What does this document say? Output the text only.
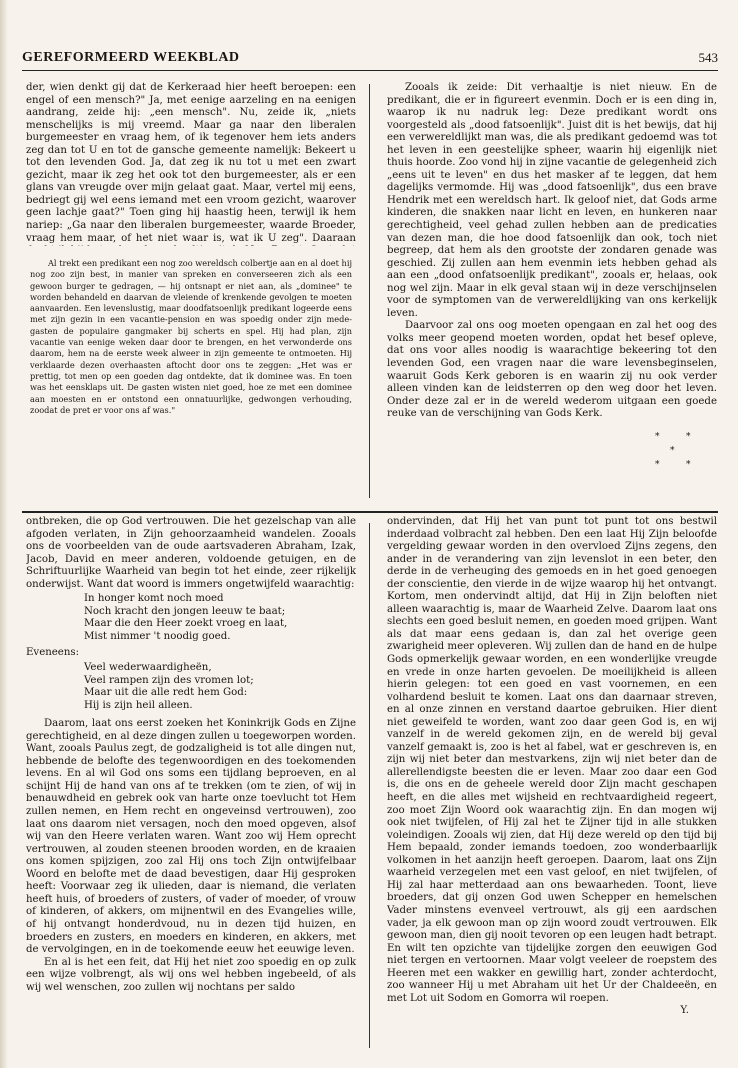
GEREFORMEERD WEEKBLAD	543

der, wien denkt gij dat de Kerkeraad hier heeft beroepen: een engel of een mensch?" Ja, met eenige aarzeling en na eenigen aandrang, zeide hij: „een mensch". Nu, zeide ik, „niets menschelijks is mij vreemd. Maar ga naar den liberalen burgemeester en vraag hem, of ik tegenover hem iets anders zeg dan tot U en tot de gansche gemeente namelijk: Bekeert u tot den levenden God. Ja, dat zeg ik nu tot u met een zwart gezicht, maar ik zeg het ook tot den burgemeester, als er een glans van vreugde over mijn gelaat gaat. Maar, vertel mij eens, bedriegt gij wel eens iemand met een vroom gezicht, waarover geen lachje gaat?" Toen ging hij haastig heen, terwijl ik hem nariep: „Ga naar den liberalen burgemeester, waarde Broeder, vraag hem maar, of het niet waar is, wat ik U zeg". Daaraan

Al trekt een predikant een nog zoo wereldsch colbertje aan en al doet hij nog zoo zijn best, in manier van spreken en converseeren zich als een gewoon burger te gedragen, — hij ontsnapt er niet aan, als „dominee" te worden behandeld en daarvan de vleiende of krenkende gevolgen te moeten aanvaarden. Een levenslustig, maar doodfatsoenlijk predikant logeerde eens met zijn gezin in een vacantie-pension en was spoedig onder zijn mede-gasten de populaire gangmaker bij scherts en spel. Hij had plan, zijn vacantie van eenige weken daar door te brengen, en het verwonderde ons daarom, hem na de eerste week alweer in zijn gemeente te ontmoeten. Hij verklaarde dezen overhaasten aftocht door ons te zeggen: „Het was er prettig, tot men op een goeden dag ontdekte, dat ik dominee was. En toen was het eensklaps uit. De gasten wisten niet goed, hoe ze met een dominee aan moesten en er ontstond een onnatuurlijke, gedwongen verhouding, zoodat de pret er voor ons af was."

Zooals ik zeide: Dit verhaaltje is niet nieuw. En de predikant, die er in figureert evenmin. Doch er is een ding in, waarop ik nu nadruk leg: Deze predikant wordt ons voorgesteld als „dood fatsoenlijk". Juist dit is het bewijs, dat hij een verwereldlijkt man was, die als predikant gedoemd was tot het leven in een geestelijke spheer, waarin hij eigenlijk niet thuis hoorde. Zoo vond hij in zijne vacantie de gelegenheid zich „eens uit te leven" en dus het masker af te leggen, dat hem dagelijks vermomde. Hij was „dood fatsoenlijk", dus een brave Hendrik met een wereldsch hart. Ik geloof niet, dat Gods arme kinderen, die snakken naar licht en leven, en hunkeren naar gerechtigheid, veel gehad zullen hebben aan de predicaties van dezen man, die hoe dood fatsoenlijk dan ook, toch niet begreep, dat hem als den grootste der zondaren genade was geschied. Zij zullen aan hem evenmin iets hebben gehad als aan een „dood onfatsoenlijk predikant", zooals er, helaas, ook nog wel zijn. Maar in elk geval staan wij in deze verschijnselen voor de symptomen van de verwereldlijking van ons kerkelijk leven.

Daarvoor zal ons oog moeten opengaan en zal het oog des volks meer geopend moeten worden, opdat het besef opleve, dat ons voor alles noodig is waarachtige bekeering tot den levenden God, een vragen naar die ware levensbeginselen, waaruit Gods Kerk geboren is en waarin zij nu ook verder alleen vinden kan de leidsterren op den weg door het leven. Onder deze zal er in de wereld wederom uitgaan een goede reuke van de verschijning van Gods Kerk.

*	*
*
*	*

ontbreken, die op God vertrouwen. Die het gezelschap van alle afgoden verlaten, in Zijn gehoorzaamheid wandelen. Zooals ons de voorbeelden van de oude aartsvaderen Abraham, Izak, Jacob, David en meer anderen, voldoende getuigen, en de Schriftuurlijke Waarheid van begin tot het einde, zeer rijkelijk onderwijst. Want dat woord is immers ongetwijfeld waarachtig:

In honger komt noch moed

Noch kracht den jongen leeuw te baat;

Maar die den Heer zoekt vroeg en laat,

Mist nimmer 't noodig goed.

Eveneens:

Veel wederwaardigheën,

Veel rampen zijn des vromen lot;

Maar uit die alle redt hem God:

Hij is zijn heil alleen.

Daarom, laat ons eerst zoeken het Koninkrijk Gods en Zijne gerechtigheid, en al deze dingen zullen u toegeworpen worden. Want, zooals Paulus zegt, de godzaligheid is tot alle dingen nut, hebbende de belofte des tegenwoordigen en des toekomenden levens. En al wil God ons soms een tijdlang beproeven, en al schijnt Hij de hand van ons af te trekken (om te zien, of wij in benauwdheid en gebrek ook van harte onze toevlucht tot Hem zullen nemen, en Hem recht en ongeveinsd vertrouwen), zoo laat ons daarom niet versagen, noch den moed opgeven, alsof wij van den Heere verlaten waren. Want zoo wij Hem oprecht vertrouwen, al zouden steenen brooden worden, en de kraaien ons komen spijzigen, zoo zal Hij ons toch Zijn ontwijfelbaar Woord en belofte met de daad bevestigen, daar Hij gesproken heeft: Voorwaar zeg ik ulieden, daar is niemand, die verlaten heeft huis, of broeders of zusters, of vader of moeder, of vrouw of kinderen, of akkers, om mijnentwil en des Evangelies wille, of hij ontvangt honderdvoud, nu in dezen tijd huizen, en broeders en zusters, en moeders en kinderen, en akkers, met de vervolgingen, en in de toekomende eeuw het eeuwige leven.

En al is het een feit, dat Hij het niet zoo spoedig en op zulk een wijze volbrengt, als wij ons wel hebben ingebeeld, of als wij wel wenschen, zoo zullen wij nochtans per saldo

ondervinden, dat Hij het van punt tot punt tot ons bestwil inderdaad volbracht zal hebben. Den een laat Hij Zijn beloofde vergelding gewaar worden in den overvloed Zijns zegens, den ander in de verandering van zijn levenslot in een beter, den derde in de verheuging des gemoeds en in het goed genoegen der conscientie, den vierde in de wijze waarop hij het ontvangt. Kortom, men ondervindt altijd, dat Hij in Zijn beloften niet alleen waarachtig is, maar de Waarheid Zelve. Daarom laat ons slechts een goed besluit nemen, en goeden moed grijpen. Want als dat maar eens gedaan is, dan zal het overige geen zwarigheid meer opleveren. Wij zullen dan de hand en de hulpe Gods opmerkelijk gewaar worden, en een wonderlijke vreugde en vrede in onze harten gevoelen. De moeilijkheid is alleen hierin gelegen: tot een goed en vast voornemen, en een volhardend besluit te komen. Laat ons dan daarnaar streven, en al onze zinnen en verstand daartoe gebruiken. Hier dient niet geweifeld te worden, want zoo daar geen God is, en wij vanzelf in de wereld gekomen zijn, en de wereld bij geval vanzelf gemaakt is, zoo is het al fabel, wat er geschreven is, en zijn wij niet beter dan mestvarkens, zijn wij niet beter dan de allerellendigste beesten die er leven. Maar zoo daar een God is, die ons en de geheele wereld door Zijn macht geschapen heeft, en die alles met wijsheid en rechtvaardigheid regeert, zoo moet Zijn Woord ook waarachtig zijn. En dan mogen wij ook niet twijfelen, of Hij zal het te Zijner tijd in alle stukken voleindigen. Zooals wij zien, dat Hij deze wereld op den tijd bij Hem bepaald, zonder iemands toedoen, zoo wonderbaarlijk volkomen in het aanzijn heeft geroepen. Daarom, laat ons Zijn waarheid verzegelen met een vast geloof, en niet twijfelen, of Hij zal haar metterdaad aan ons bewaarheden. Toont, lieve broeders, dat gij onzen God uwen Schepper en hemelschen Vader minstens evenveel vertrouwt, als gij een aardschen vader, ja elk gewoon man op zijn woord zoudt vertrouwen. Elk gewoon man, dien gij nooit tevoren op een leugen hadt betrapt. En wilt ten opzichte van tijdelijke zorgen den eeuwigen God niet tergen en vertoornen. Maar volgt veeleer de roepstem des Heeren met een wakker en gewillig hart, zonder achterdocht, zoo wanneer Hij u met Abraham uit het Ur der Chaldeeën, en met Lot uit Sodom en Gomorra wil roepen.

Y.
